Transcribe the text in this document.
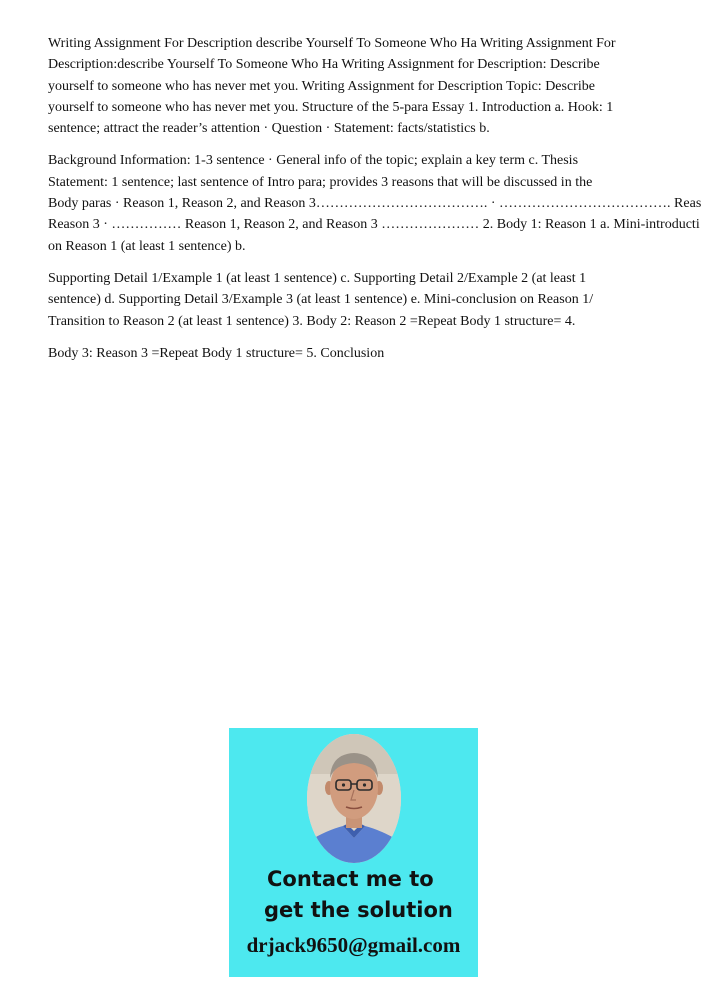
Writing Assignment For Description describe Yourself To Someone Who Ha Writing Assignment For
Description:describe Yourself To Someone Who Ha Writing Assignment for Description: Describe
yourself to someone who has never met you. Writing Assignment for Description Topic: Describe
yourself to someone who has never met you. Structure of the 5-para Essay 1. Introduction a. Hook: 1
sentence; attract the reader’s attention · Question · Statement: facts/statistics b.

Background Information: 1-3 sentence · General info of the topic; explain a key term c. Thesis
Statement: 1 sentence; last sentence of Intro para; provides 3 reasons that will be discussed in the
Body paras · Reason 1, Reason 2, and Reason 3………………………………. · ………………………………. Reas
Reason 3 · …………… Reason 1, Reason 2, and Reason 3 ………………… 2. Body 1: Reason 1 a. Mini-introducti
on Reason 1 (at least 1 sentence) b.

Supporting Detail 1/Example 1 (at least 1 sentence) c. Supporting Detail 2/Example 2 (at least 1
sentence) d. Supporting Detail 3/Example 3 (at least 1 sentence) e. Mini-conclusion on Reason 1/
Transition to Reason 2 (at least 1 sentence) 3. Body 2: Reason 2 =Repeat Body 1 structure= 4.

Body 3: Reason 3 =Repeat Body 1 structure= 5. Conclusion

Contact me to
get the solution
drjack9650@gmail.com
